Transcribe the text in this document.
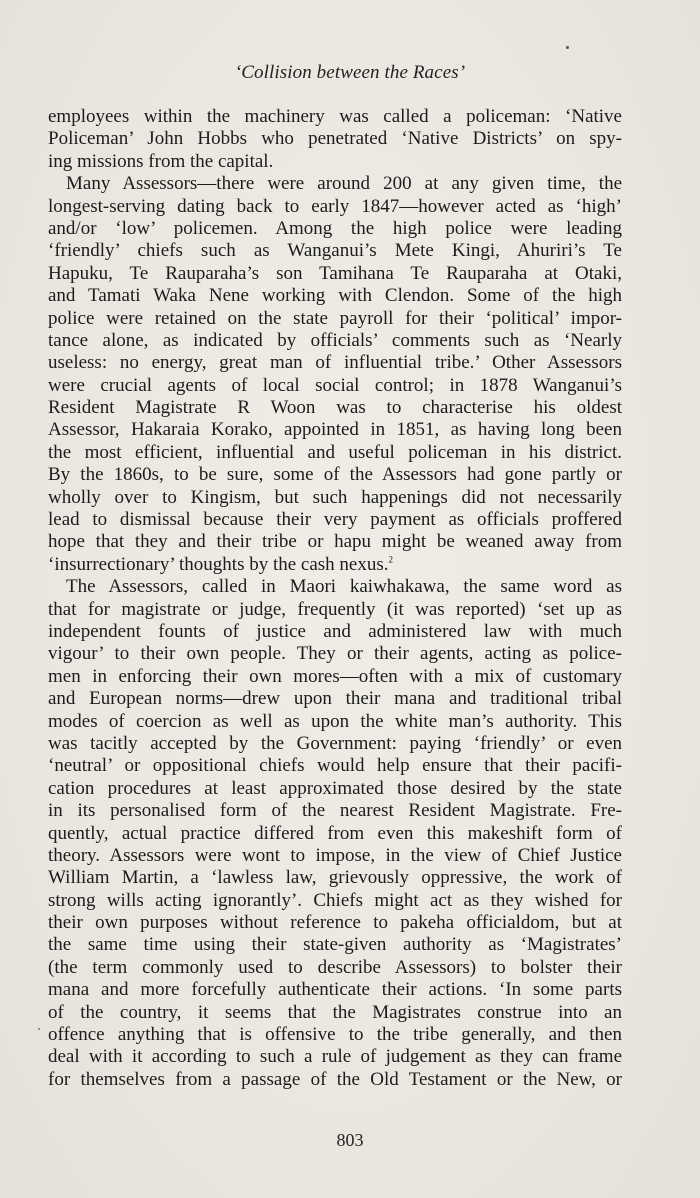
‘Collision between the Races’
employees within the machinery was called a policeman: ‘Native
Policeman’ John Hobbs who penetrated ‘Native Districts’ on spy-
ing missions from the capital.
Many Assessors—there were around 200 at any given time, the
longest-serving dating back to early 1847—however acted as ‘high’
and/or ‘low’ policemen. Among the high police were leading
‘friendly’ chiefs such as Wanganui’s Mete Kingi, Ahuriri’s Te
Hapuku, Te Rauparaha’s son Tamihana Te Rauparaha at Otaki,
and Tamati Waka Nene working with Clendon. Some of the high
police were retained on the state payroll for their ‘political’ impor-
tance alone, as indicated by officials’ comments such as ‘Nearly
useless: no energy, great man of influential tribe.’ Other Assessors
were crucial agents of local social control; in 1878 Wanganui’s
Resident Magistrate R Woon was to characterise his oldest
Assessor, Hakaraia Korako, appointed in 1851, as having long been
the most efficient, influential and useful policeman in his district.
By the 1860s, to be sure, some of the Assessors had gone partly or
wholly over to Kingism, but such happenings did not necessarily
lead to dismissal because their very payment as officials proffered
hope that they and their tribe or hapu might be weaned away from
‘insurrectionary’ thoughts by the cash nexus.$^2$
The Assessors, called in Maori kaiwhakawa, the same word as
that for magistrate or judge, frequently (it was reported) ‘set up as
independent founts of justice and administered law with much
vigour’ to their own people. They or their agents, acting as police-
men in enforcing their own mores—often with a mix of customary
and European norms—drew upon their mana and traditional tribal
modes of coercion as well as upon the white man’s authority. This
was tacitly accepted by the Government: paying ‘friendly’ or even
‘neutral’ or oppositional chiefs would help ensure that their pacifi-
cation procedures at least approximated those desired by the state
in its personalised form of the nearest Resident Magistrate. Fre-
quently, actual practice differed from even this makeshift form of
theory. Assessors were wont to impose, in the view of Chief Justice
William Martin, a ‘lawless law, grievously oppressive, the work of
strong wills acting ignorantly’. Chiefs might act as they wished for
their own purposes without reference to pakeha officialdom, but at
the same time using their state-given authority as ‘Magistrates’
(the term commonly used to describe Assessors) to bolster their
mana and more forcefully authenticate their actions. ‘In some parts
of the country, it seems that the Magistrates construe into an
offence anything that is offensive to the tribe generally, and then
deal with it according to such a rule of judgement as they can frame
for themselves from a passage of the Old Testament or the New, or
803
